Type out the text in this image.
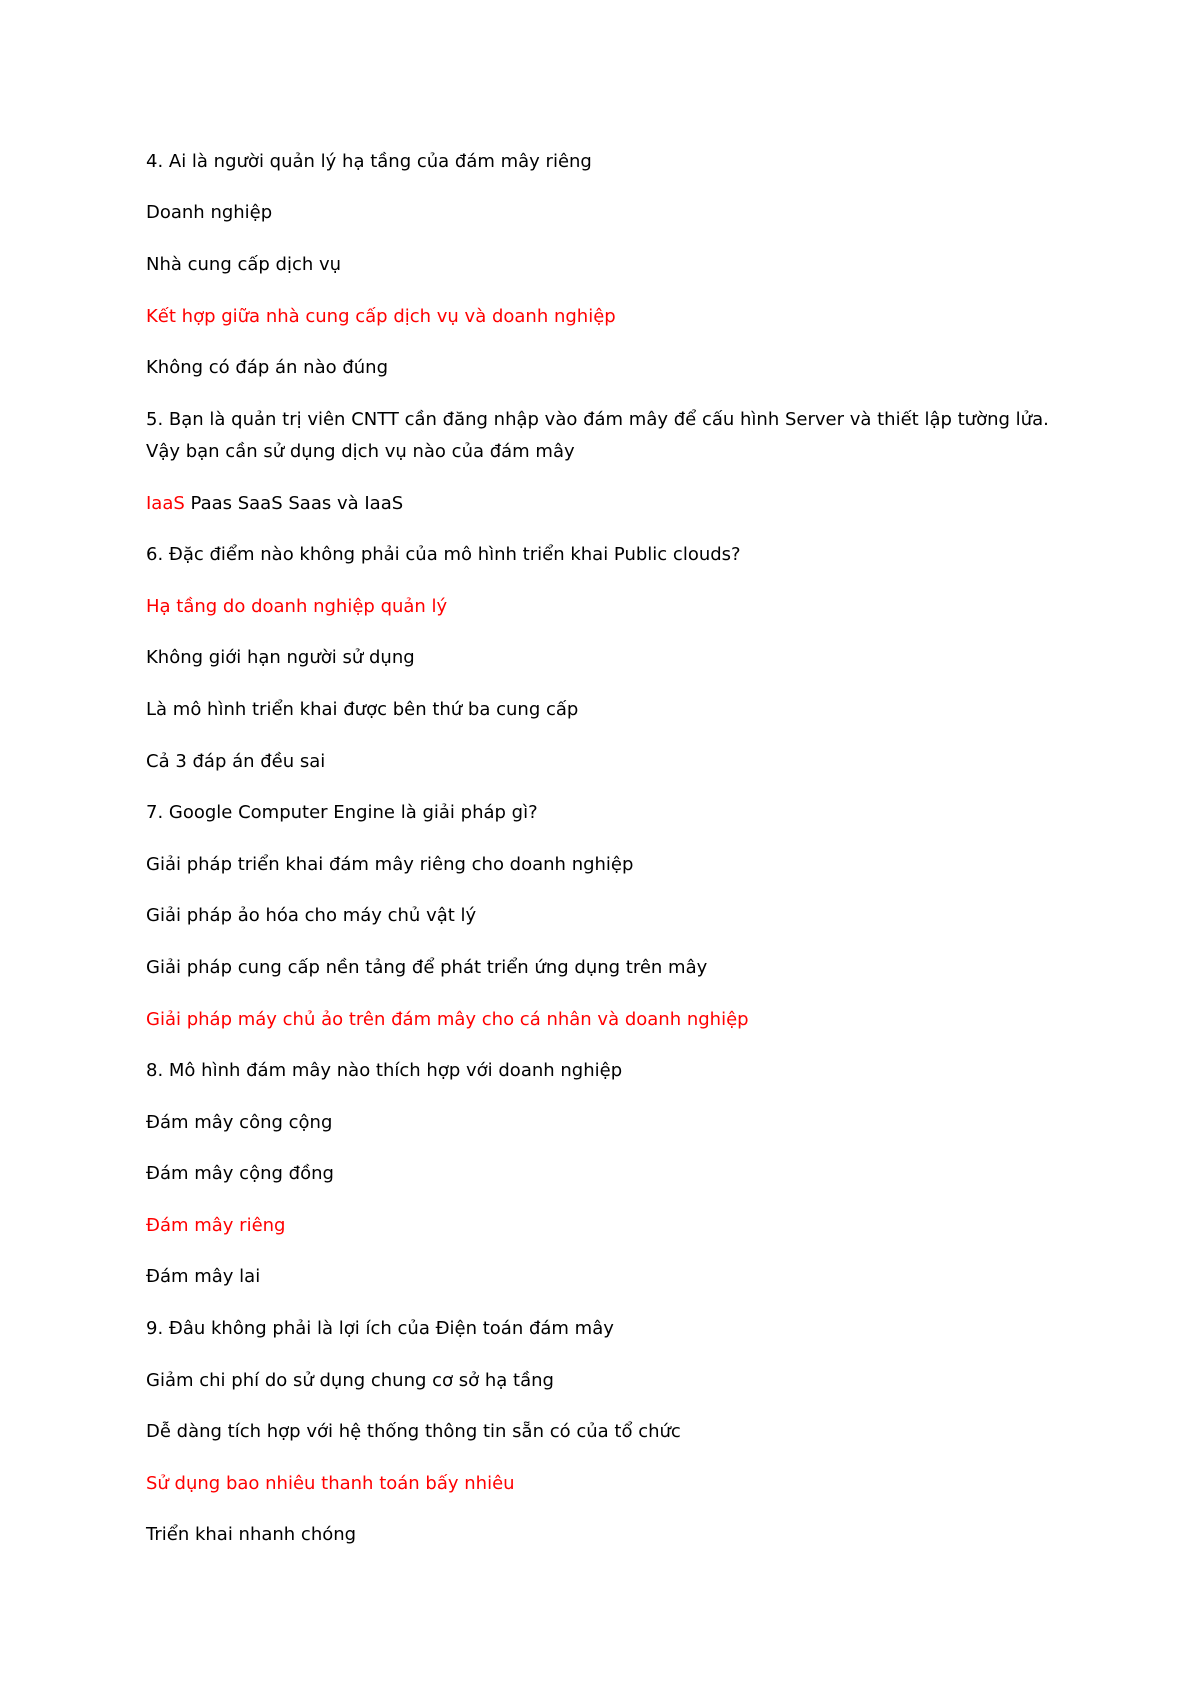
4. Ai là người quản lý hạ tầng của đám mây riêng
Doanh nghiệp
Nhà cung cấp dịch vụ
Kết hợp giữa nhà cung cấp dịch vụ và doanh nghiệp
Không có đáp án nào đúng
5. Bạn là quản trị viên CNTT cần đăng nhập vào đám mây để cấu hình Server và thiết lập tường lửa.
Vậy bạn cần sử dụng dịch vụ nào của đám mây
IaaS Paas SaaS Saas và IaaS
6. Đặc điểm nào không phải của mô hình triển khai Public clouds?
Hạ tầng do doanh nghiệp quản lý
Không giới hạn người sử dụng
Là mô hình triển khai được bên thứ ba cung cấp
Cả 3 đáp án đều sai
7. Google Computer Engine là giải pháp gì?
Giải pháp triển khai đám mây riêng cho doanh nghiệp
Giải pháp ảo hóa cho máy chủ vật lý
Giải pháp cung cấp nền tảng để phát triển ứng dụng trên mây
Giải pháp máy chủ ảo trên đám mây cho cá nhân và doanh nghiệp
8. Mô hình đám mây nào thích hợp với doanh nghiệp
Đám mây công cộng
Đám mây cộng đồng
Đám mây riêng
Đám mây lai
9. Đâu không phải là lợi ích của Điện toán đám mây
Giảm chi phí do sử dụng chung cơ sở hạ tầng
Dễ dàng tích hợp với hệ thống thông tin sẵn có của tổ chức
Sử dụng bao nhiêu thanh toán bấy nhiêu
Triển khai nhanh chóng
